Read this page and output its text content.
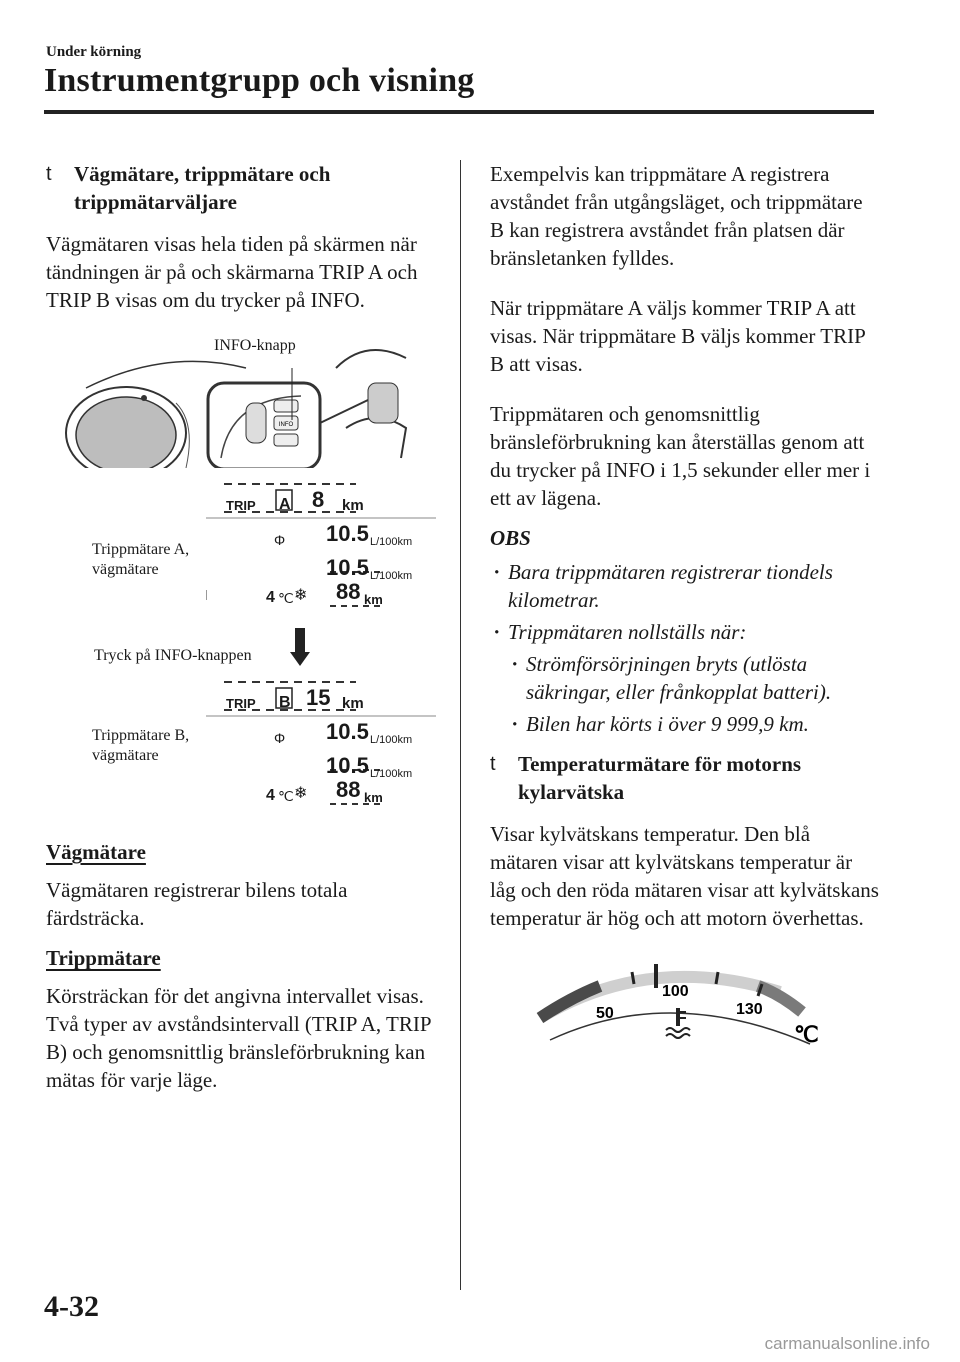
Under körning
Instrumentgrupp och visning
t Vägmätare, trippmätare och trippmätarväljare

Vägmätaren visas hela tiden på skärmen när tändningen är på och skärmarna TRIP A och TRIP B visas om du trycker på INFO.

INFO
INFO-knapp
TRIP A 8 km
Φ 10.5 L/100km
10.5 L/100km
4 ℃ ❄ 88 km
Trippmätare A,
vägmätare
Tryck på INFO-knappen
TRIP B 15 km
Φ 10.5 L/100km
10.5 L/100km
4 ℃ ❄ 88 km
Trippmätare B,
vägmätare
Vägmätare

Vägmätaren registrerar bilens totala färdsträcka.

Trippmätare

Körsträckan för det angivna intervallet visas. Två typer av avståndsintervall (TRIP A, TRIP B) och genomsnittlig bränsleförbrukning kan mätas för varje läge.

Exempelvis kan trippmätare A registrera avståndet från utgångsläget, och trippmätare B kan registrera avståndet från platsen där bränsletanken fylldes.

När trippmätare A väljs kommer TRIP A att visas. När trippmätare B väljs kommer TRIP B att visas.

Trippmätaren och genomsnittlig bränsleförbrukning kan återställas genom att du trycker på INFO i 1,5 sekunder eller mer i ett av lägena.

OBS

· Bara trippmätaren registrerar tiondels kilometrar.

· Trippmätaren nollställs när:

· Strömförsörjningen bryts (utlösta säkringar, eller frånkopplat batteri).

· Bilen har körts i över 9 999,9 km.

t Temperaturmätare för motorns kylarvätska

Visar kylvätskans temperatur. Den blå mätaren visar att kylvätskans temperatur är låg och den röda mätaren visar att kylvätskans temperatur är hög och att motorn överhettas.

50
100
130
℃
4-32
carmanualsonline.info
